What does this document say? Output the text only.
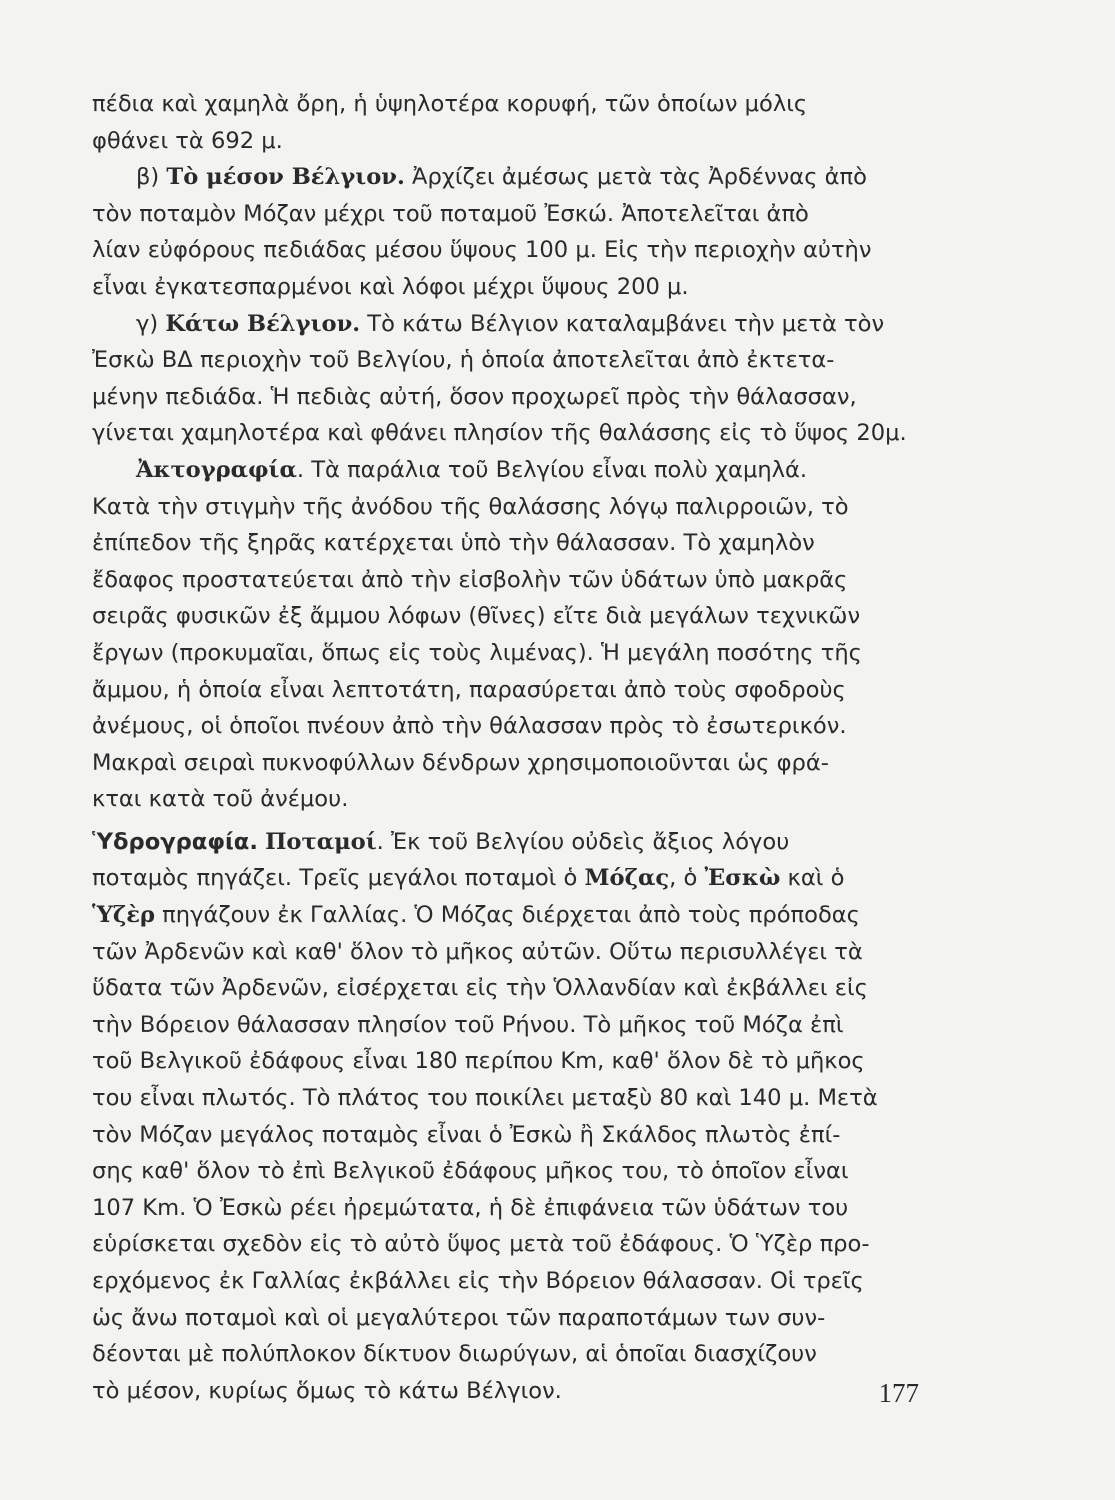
πέδια καὶ χαμηλὰ ὄρη, ἡ ὑψηλοτέρα κορυφή, τῶν ὁποίων μόλις
φθάνει τὰ 692 μ.
β) Τὸ μέσον Βέλγιον. Ἀρχίζει ἀμέσως μετὰ τὰς Ἀρδέννας ἀπὸ
τὸν ποταμὸν Μόζαν μέχρι τοῦ ποταμοῦ Ἐσκώ. Ἀποτελεῖται ἀπὸ
λίαν εὐφόρους πεδιάδας μέσου ὕψους 100 μ. Εἰς τὴν περιοχὴν αὐτὴν
εἶναι ἐγκατεσπαρμένοι καὶ λόφοι μέχρι ὕψους 200 μ.
γ) Κάτω Βέλγιον. Τὸ κάτω Βέλγιον καταλαμβάνει τὴν μετὰ τὸν
Ἐσκὼ ΒΔ περιοχὴν τοῦ Βελγίου, ἡ ὁποία ἀποτελεῖται ἀπὸ ἐκτετα-
μένην πεδιάδα. Ἡ πεδιὰς αὐτή, ὅσον προχωρεῖ πρὸς τὴν θάλασσαν,
γίνεται χαμηλοτέρα καὶ φθάνει πλησίον τῆς θαλάσσης εἰς τὸ ὕψος 20μ.
Ἀκτογραφία. Τὰ παράλια τοῦ Βελγίου εἶναι πολὺ χαμηλά.
Κατὰ τὴν στιγμὴν τῆς ἀνόδου τῆς θαλάσσης λόγῳ παλιρροιῶν, τὸ
ἐπίπεδον τῆς ξηρᾶς κατέρχεται ὑπὸ τὴν θάλασσαν. Τὸ χαμηλὸν
ἔδαφος προστατεύεται ἀπὸ τὴν εἰσβολὴν τῶν ὑδάτων ὑπὸ μακρᾶς
σειρᾶς φυσικῶν ἐξ ἄμμου λόφων (θῖνες) εἴτε διὰ μεγάλων τεχνικῶν
ἔργων (προκυμαῖαι, ὅπως εἰς τοὺς λιμένας). Ἡ μεγάλη ποσότης τῆς
ἄμμου, ἡ ὁποία εἶναι λεπτοτάτη, παρασύρεται ἀπὸ τοὺς σφοδροὺς
ἀνέμους, οἱ ὁποῖοι πνέουν ἀπὸ τὴν θάλασσαν πρὸς τὸ ἐσωτερικόν.
Μακραὶ σειραὶ πυκνοφύλλων δένδρων χρησιμοποιοῦνται ὡς φρά-
κται κατὰ τοῦ ἀνέμου.
Ὑδρογραφία. Ποταμοί. Ἐκ τοῦ Βελγίου οὐδεὶς ἄξιος λόγου
ποταμὸς πηγάζει. Τρεῖς μεγάλοι ποταμοὶ ὁ Μόζας, ὁ Ἐσκὼ καὶ ὁ
Ὑζὲρ πηγάζουν ἐκ Γαλλίας. Ὁ Μόζας διέρχεται ἀπὸ τοὺς πρόποδας
τῶν Ἀρδενῶν καὶ καθ' ὅλον τὸ μῆκος αὐτῶν. Οὕτω περισυλλέγει τὰ
ὕδατα τῶν Ἀρδενῶν, εἰσέρχεται εἰς τὴν Ὁλλανδίαν καὶ ἐκβάλλει εἰς
τὴν Βόρειον θάλασσαν πλησίον τοῦ Ρήνου. Τὸ μῆκος τοῦ Μόζα ἐπὶ
τοῦ Βελγικοῦ ἐδάφους εἶναι 180 περίπου Km, καθ' ὅλον δὲ τὸ μῆκος
του εἶναι πλωτός. Τὸ πλάτος του ποικίλει μεταξὺ 80 καὶ 140 μ. Μετὰ
τὸν Μόζαν μεγάλος ποταμὸς εἶναι ὁ Ἐσκὼ ἢ Σκάλδος πλωτὸς ἐπί-
σης καθ' ὅλον τὸ ἐπὶ Βελγικοῦ ἐδάφους μῆκος του, τὸ ὁποῖον εἶναι
107 Km. Ὁ Ἐσκὼ ρέει ἠρεμώτατα, ἡ δὲ ἐπιφάνεια τῶν ὑδάτων του
εὑρίσκεται σχεδὸν εἰς τὸ αὐτὸ ὕψος μετὰ τοῦ ἐδάφους. Ὁ Ὑζὲρ προ-
ερχόμενος ἐκ Γαλλίας ἐκβάλλει εἰς τὴν Βόρειον θάλασσαν. Οἱ τρεῖς
ὡς ἄνω ποταμοὶ καὶ οἱ μεγαλύτεροι τῶν παραποτάμων των συν-
δέονται μὲ πολύπλοκον δίκτυον διωρύγων, αἱ ὁποῖαι διασχίζουν
τὸ μέσον, κυρίως ὅμως τὸ κάτω Βέλγιον.	177
